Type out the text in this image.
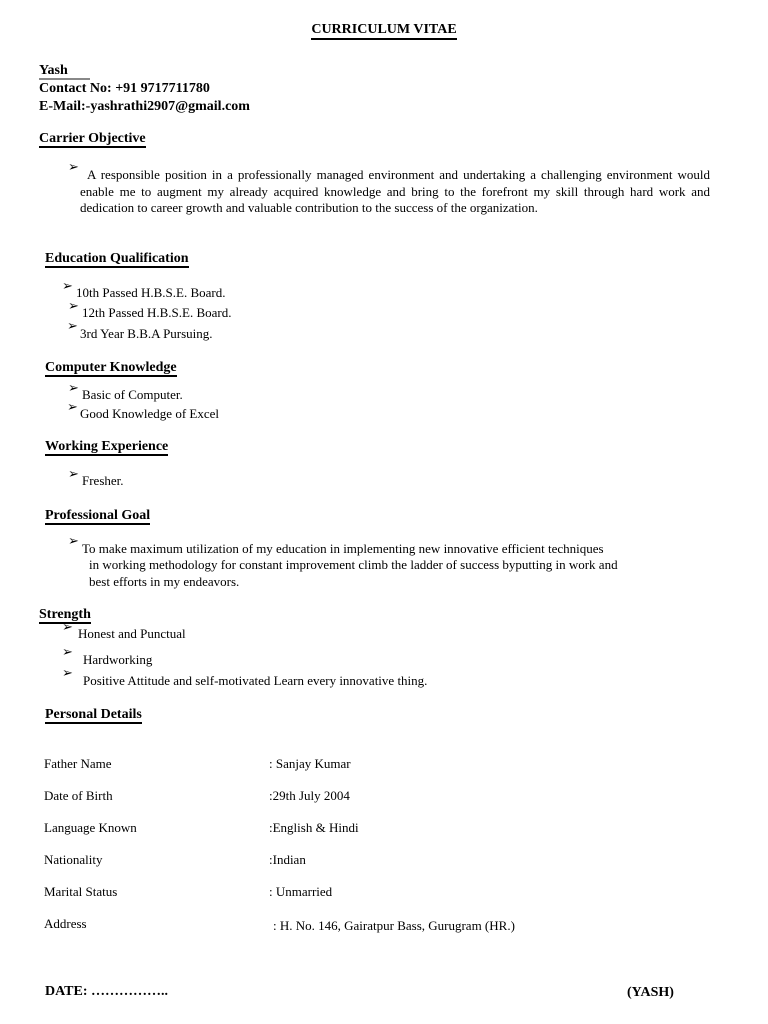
CURRICULUM VITAE
Yash
Contact No: +91 9717711780
E-Mail:-yashrathi2907@gmail.com
Carrier Objective
➢ A responsible position in a professionally managed environment and undertaking a challenging environment would enable me to augment my already acquired knowledge and bring to the forefront my skill through hard work and dedication to career growth and valuable contribution to the success of the organization.
Education Qualification
➢ 10th Passed H.B.S.E. Board.
➢ 12th Passed H.B.S.E. Board.
➢ 3rd Year B.B.A Pursuing.
Computer Knowledge
➢ Basic of Computer.
➢ Good Knowledge of Excel
Working Experience
➢ Fresher.
Professional Goal
➢ To make maximum utilization of my education in implementing new innovative efficient techniques
in working methodology for constant improvement climb the ladder of success byputting in work and
best efforts in my endeavors.
Strength
➢ Honest and Punctual
➢ Hardworking
➢ Positive Attitude and self-motivated Learn every innovative thing.
Personal Details
Father Name	: Sanjay Kumar
Date of Birth	:29th July 2004
Language Known	:English & Hindi
Nationality	:Indian
Marital Status	: Unmarried
Address	: H. No. 146, Gairatpur Bass, Gurugram (HR.)
DATE: ……………..	(YASH)
